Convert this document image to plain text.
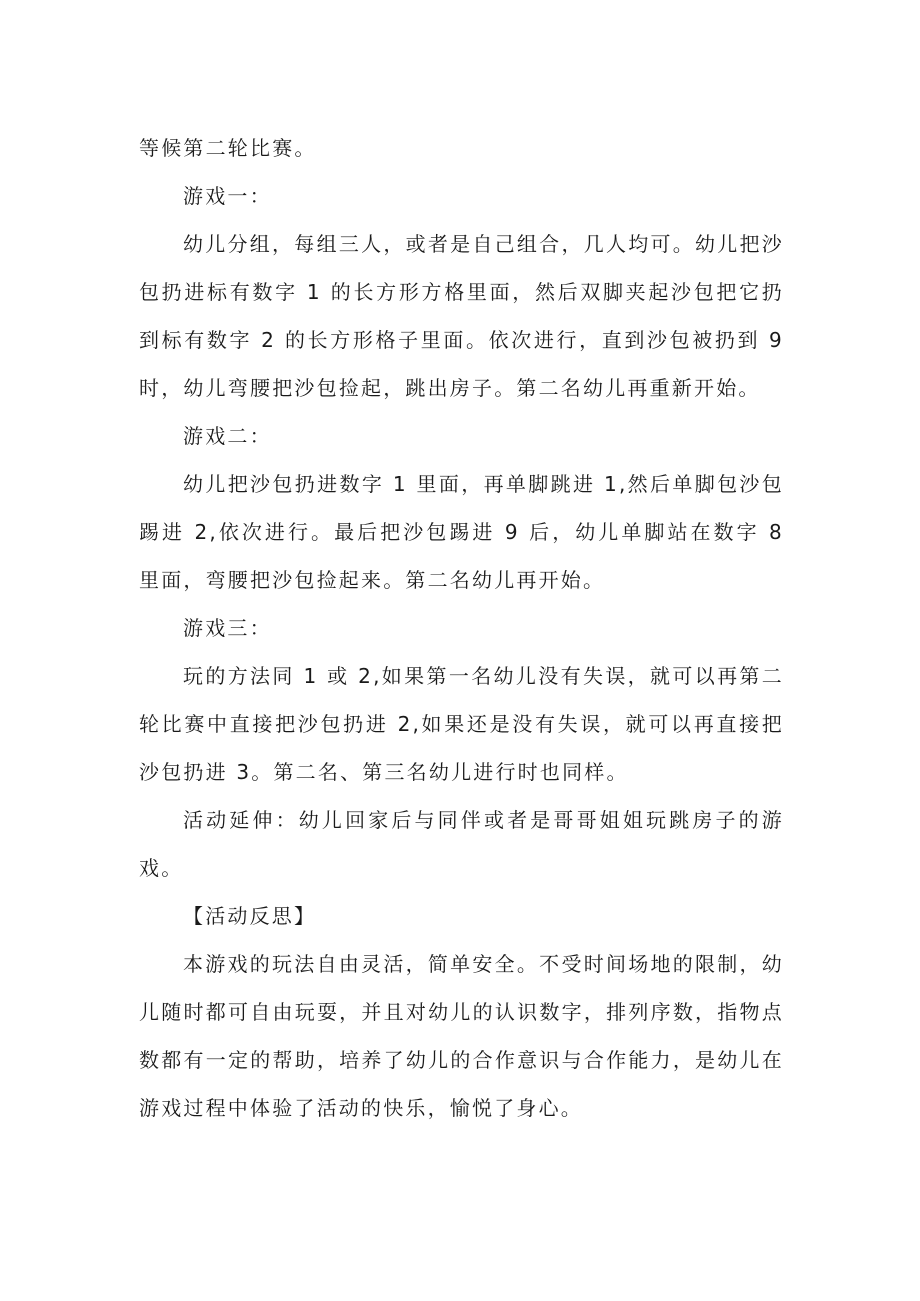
等候第二轮比赛。

游戏一：

幼儿分组，每组三人，或者是自己组合，几人均可。幼儿把沙包扔进标有数字 1 的长方形方格里面，然后双脚夹起沙包把它扔到标有数字 2 的长方形格子里面。依次进行，直到沙包被扔到 9 时，幼儿弯腰把沙包捡起，跳出房子。第二名幼儿再重新开始。

游戏二：

幼儿把沙包扔进数字 1 里面，再单脚跳进 1,然后单脚包沙包踢进 2,依次进行。最后把沙包踢进 9 后，幼儿单脚站在数字 8 里面，弯腰把沙包捡起来。第二名幼儿再开始。

游戏三：

玩的方法同 1 或 2,如果第一名幼儿没有失误，就可以再第二轮比赛中直接把沙包扔进 2,如果还是没有失误，就可以再直接把沙包扔进 3。第二名、第三名幼儿进行时也同样。

活动延伸：幼儿回家后与同伴或者是哥哥姐姐玩跳房子的游戏。

【活动反思】

本游戏的玩法自由灵活，简单安全。不受时间场地的限制，幼儿随时都可自由玩耍，并且对幼儿的认识数字，排列序数，指物点数都有一定的帮助，培养了幼儿的合作意识与合作能力，是幼儿在游戏过程中体验了活动的快乐，愉悦了身心。
